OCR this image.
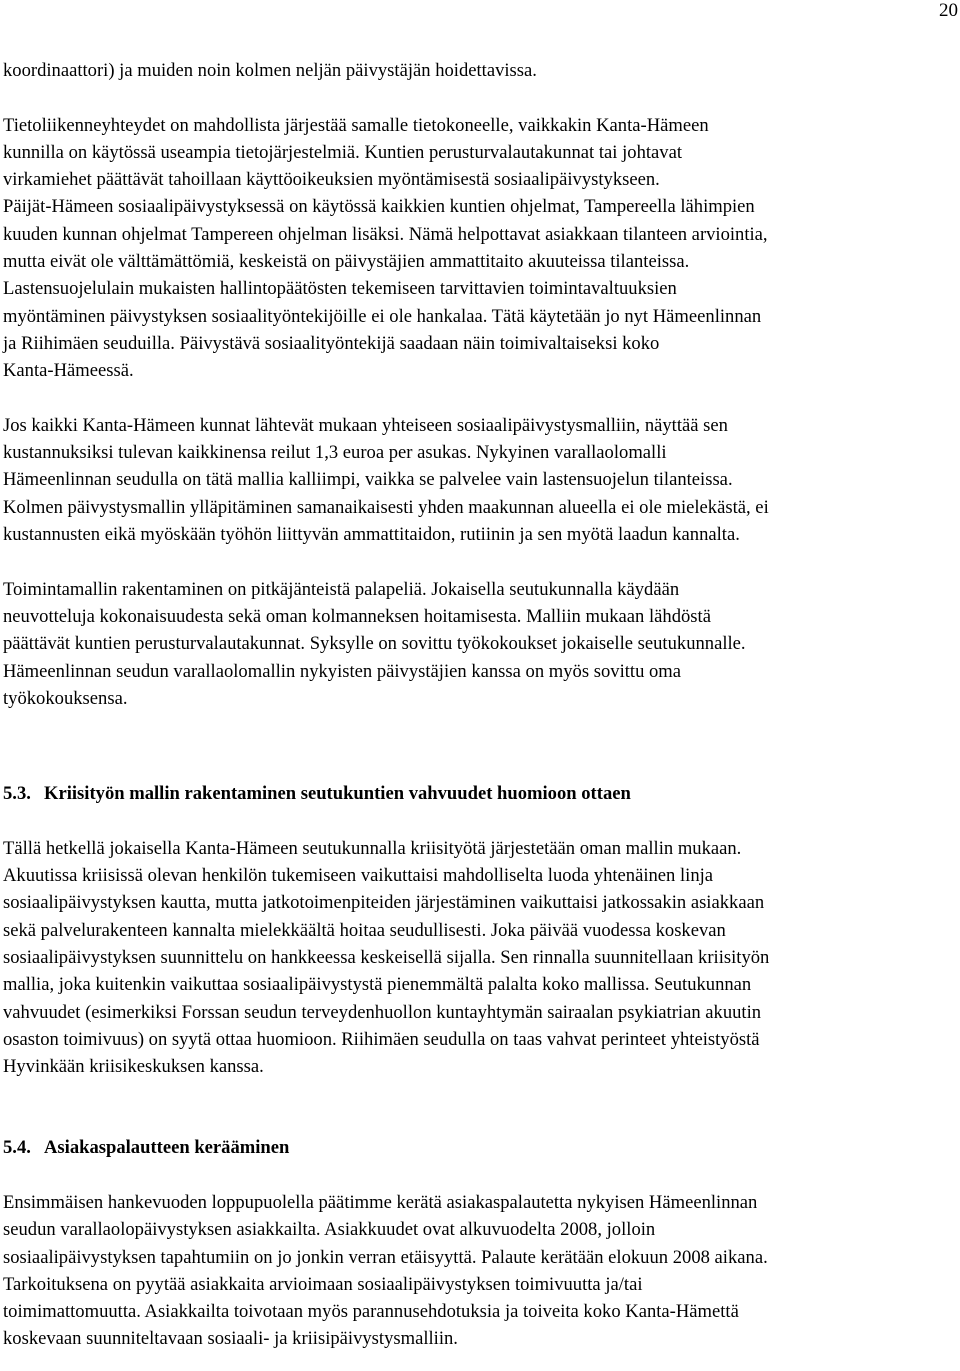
20
koordinaattori) ja muiden noin kolmen neljän päivystäjän hoidettavissa.
Tietoliikenneyhteydet on mahdollista järjestää samalle tietokoneelle, vaikkakin Kanta-Hämeen
kunnilla on käytössä useampia tietojärjestelmiä. Kuntien perusturvalautakunnat tai johtavat
virkamiehet päättävät tahoillaan käyttöoikeuksien myöntämisestä sosiaalipäivystykseen.
Päijät-Hämeen sosiaalipäivystyksessä on käytössä kaikkien kuntien ohjelmat, Tampereella lähimpien
kuuden kunnan ohjelmat Tampereen ohjelman lisäksi. Nämä helpottavat asiakkaan tilanteen arviointia,
mutta eivät ole välttämättömiä, keskeistä on päivystäjien ammattitaito akuuteissa tilanteissa.
Lastensuojelulain mukaisten hallintopäätösten tekemiseen tarvittavien toimintavaltuuksien
myöntäminen päivystyksen sosiaalityöntekijöille ei ole hankalaa. Tätä käytetään jo nyt Hämeenlinnan
ja Riihimäen seuduilla. Päivystävä sosiaalityöntekijä saadaan näin toimivaltaiseksi koko
Kanta-Hämeessä.
Jos kaikki Kanta-Hämeen kunnat lähtevät mukaan yhteiseen sosiaalipäivystysmalliin, näyttää sen
kustannuksiksi tulevan kaikkinensa reilut 1,3 euroa per asukas. Nykyinen varallaolomalli
Hämeenlinnan seudulla on tätä mallia kalliimpi, vaikka se palvelee vain lastensuojelun tilanteissa.
Kolmen päivystysmallin ylläpitäminen samanaikaisesti yhden maakunnan alueella ei ole mielekästä, ei
kustannusten eikä myöskään työhön liittyvän ammattitaidon, rutiinin ja sen myötä laadun kannalta.
Toimintamallin rakentaminen on pitkäjänteistä palapeliä. Jokaisella seutukunnalla käydään
neuvotteluja kokonaisuudesta sekä oman kolmanneksen hoitamisesta. Malliin mukaan lähdöstä
päättävät kuntien perusturvalautakunnat. Syksylle on sovittu työkokoukset jokaiselle seutukunnalle.
Hämeenlinnan seudun varallaolomallin nykyisten päivystäjien kanssa on myös sovittu oma
työkokouksensa.
5.3. Kriisityön mallin rakentaminen seutukuntien vahvuudet huomioon ottaen
Tällä hetkellä jokaisella Kanta-Hämeen seutukunnalla kriisityötä järjestetään oman mallin mukaan.
Akuutissa kriisissä olevan henkilön tukemiseen vaikuttaisi mahdolliselta luoda yhtenäinen linja
sosiaalipäivystyksen kautta, mutta jatkotoimenpiteiden järjestäminen vaikuttaisi jatkossakin asiakkaan
sekä palvelurakenteen kannalta mielekkäältä hoitaa seudullisesti. Joka päivää vuodessa koskevan
sosiaalipäivystyksen suunnittelu on hankkeessa keskeisellä sijalla. Sen rinnalla suunnitellaan kriisityön
mallia, joka kuitenkin vaikuttaa sosiaalipäivystystä pienemmältä palalta koko mallissa. Seutukunnan
vahvuudet (esimerkiksi Forssan seudun terveydenhuollon kuntayhtymän sairaalan psykiatrian akuutin
osaston toimivuus) on syytä ottaa huomioon. Riihimäen seudulla on taas vahvat perinteet yhteistyöstä
Hyvinkään kriisikeskuksen kanssa.
5.4. Asiakaspalautteen kerääminen
Ensimmäisen hankevuoden loppupuolella päätimme kerätä asiakaspalautetta nykyisen Hämeenlinnan
seudun varallaolopäivystyksen asiakkailta. Asiakkuudet ovat alkuvuodelta 2008, jolloin
sosiaalipäivystyksen tapahtumiin on jo jonkin verran etäisyyttä. Palaute kerätään elokuun 2008 aikana.
Tarkoituksena on pyytää asiakkaita arvioimaan sosiaalipäivystyksen toimivuutta ja/tai
toimimattomuutta. Asiakkailta toivotaan myös parannusehdotuksia ja toiveita koko Kanta-Hämettä
koskevaan suunniteltavaan sosiaali- ja kriisipäivystysmalliin.
